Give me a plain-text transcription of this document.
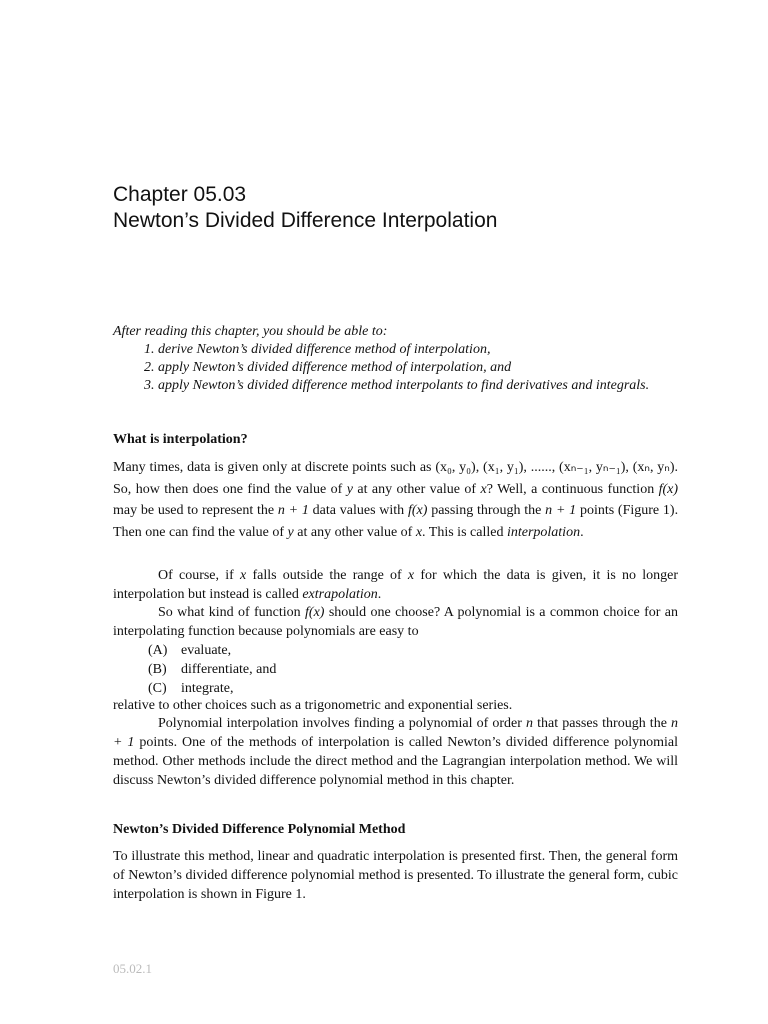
Chapter 05.03
Newton’s Divided Difference Interpolation
After reading this chapter, you should be able to:
1. derive Newton’s divided difference method of interpolation,
2. apply Newton’s divided difference method of interpolation, and
3. apply Newton’s divided difference method interpolants to find derivatives and integrals.
What is interpolation?
Many times, data is given only at discrete points such as (x₀, y₀), (x₁, y₁), ......, (xₙ₋₁, yₙ₋₁), (xₙ, yₙ). So, how then does one find the value of y at any other value of x? Well, a continuous function f(x) may be used to represent the n + 1 data values with f(x) passing through the n + 1 points (Figure 1). Then one can find the value of y at any other value of x. This is called interpolation.
Of course, if x falls outside the range of x for which the data is given, it is no longer interpolation but instead is called extrapolation.
So what kind of function f(x) should one choose? A polynomial is a common choice for an interpolating function because polynomials are easy to
(A) evaluate,
(B) differentiate, and
(C) integrate,
relative to other choices such as a trigonometric and exponential series.
Polynomial interpolation involves finding a polynomial of order n that passes through the n + 1 points. One of the methods of interpolation is called Newton’s divided difference polynomial method. Other methods include the direct method and the Lagrangian interpolation method. We will discuss Newton’s divided difference polynomial method in this chapter.
Newton’s Divided Difference Polynomial Method
To illustrate this method, linear and quadratic interpolation is presented first. Then, the general form of Newton’s divided difference polynomial method is presented. To illustrate the general form, cubic interpolation is shown in Figure 1.
05.02.1
